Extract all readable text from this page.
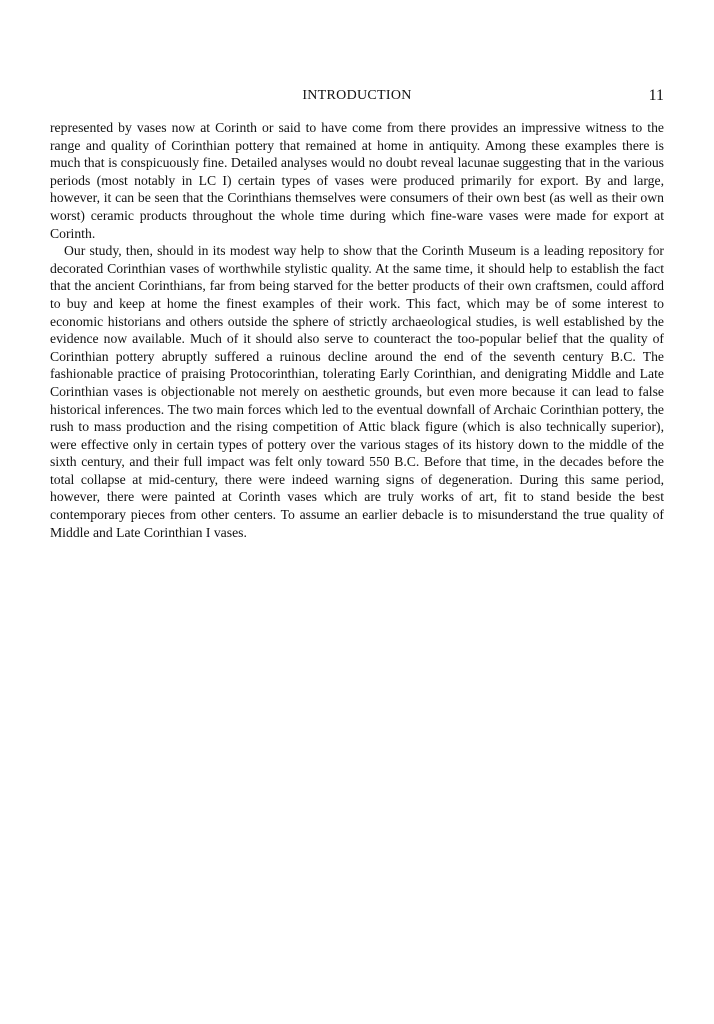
INTRODUCTION	11

represented by vases now at Corinth or said to have come from there provides an impressive witness to the range and quality of Corinthian pottery that remained at home in antiquity. Among these examples there is much that is conspicuously fine. Detailed analyses would no doubt reveal lacunae suggesting that in the various periods (most notably in LC I) certain types of vases were produced primarily for export. By and large, however, it can be seen that the Corinthians themselves were consumers of their own best (as well as their own worst) ceramic products throughout the whole time during which fine-ware vases were made for export at Corinth.

Our study, then, should in its modest way help to show that the Corinth Museum is a leading repository for decorated Corinthian vases of worthwhile stylistic quality. At the same time, it should help to establish the fact that the ancient Corinthians, far from being starved for the better products of their own craftsmen, could afford to buy and keep at home the finest examples of their work. This fact, which may be of some interest to economic historians and others outside the sphere of strictly archaeological studies, is well established by the evidence now available. Much of it should also serve to counteract the too-popular belief that the quality of Corinthian pottery abruptly suffered a ruinous decline around the end of the seventh century B.C. The fashionable practice of praising Protocorinthian, tolerating Early Corinthian, and denigrating Middle and Late Corinthian vases is objectionable not merely on aesthetic grounds, but even more because it can lead to false historical inferences. The two main forces which led to the eventual downfall of Archaic Corinthian pottery, the rush to mass production and the rising competition of Attic black figure (which is also technically superior), were effective only in certain types of pottery over the various stages of its history down to the middle of the sixth century, and their full impact was felt only toward 550 B.C. Before that time, in the decades before the total collapse at mid-century, there were indeed warning signs of degeneration. During this same period, however, there were painted at Corinth vases which are truly works of art, fit to stand beside the best contemporary pieces from other centers. To assume an earlier debacle is to misunderstand the true quality of Middle and Late Corinthian I vases.
